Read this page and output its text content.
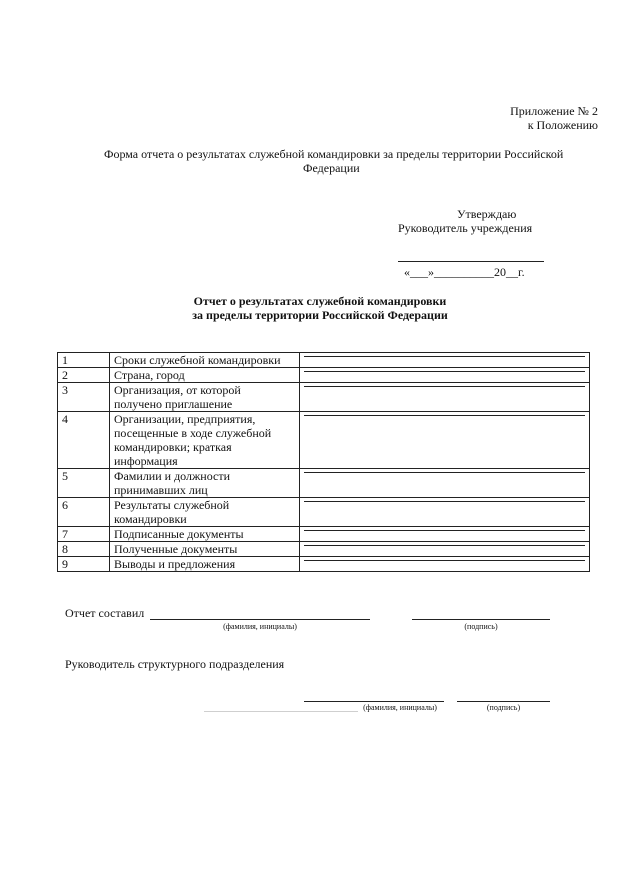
Приложение № 2
к Положению
Форма отчета о результатах служебной командировки за пределы территории Российской
Федерации
Утверждаю
Руководитель учреждения
«___»__________20__г.
Отчет о результатах служебной командировки
за пределы территории Российской Федерации
1	Сроки служебной командировки	

2	Страна, город	

3	Организация, от которой
получено приглашение	

4	Организации, предприятия,
посещенные в ходе служебной
командировки; краткая
информация	

5	Фамилии и должности
принимавших лиц	

6	Результаты служебной
командировки	

7	Подписанные документы	

8	Полученные документы	

9	Выводы и предложения	

Отчет составил
(фамилия, инициалы)	(подпись)
Руководитель структурного подразделения
(фамилия, инициалы)	(подпись)
